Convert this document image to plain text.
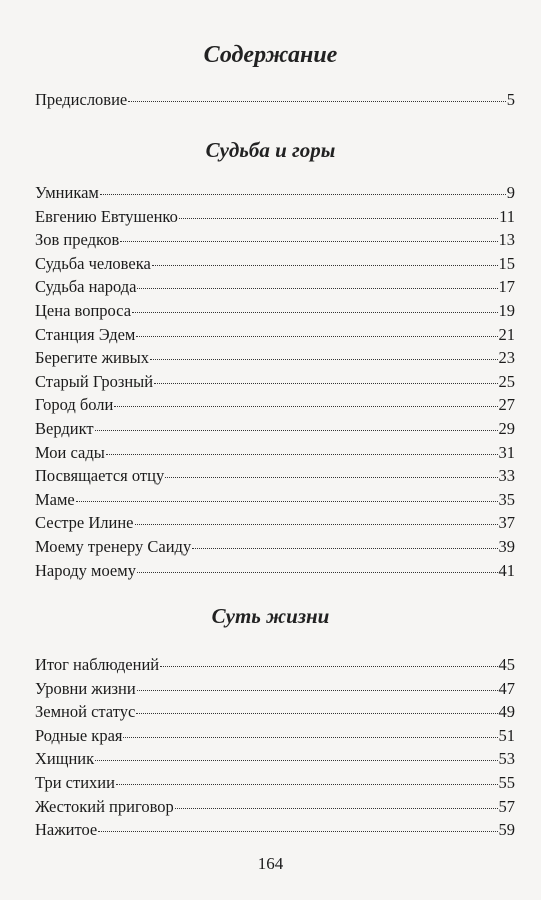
Содержание
Предисловие	5
Судьба и горы
Умникам	9
Евгению Евтушенко	11
Зов предков	13
Судьба человека	15
Судьба народа	17
Цена вопроса	19
Станция Эдем	21
Берегите живых	23
Старый Грозный	25
Город боли	27
Вердикт	29
Мои сады	31
Посвящается отцу	33
Маме	35
Сестре Илине	37
Моему тренеру Саиду	39
Народу моему	41
Суть жизни
Итог наблюдений	45
Уровни жизни	47
Земной статус	49
Родные края	51
Хищник	53
Три стихии	55
Жестокий приговор	57
Нажитое	59
164
